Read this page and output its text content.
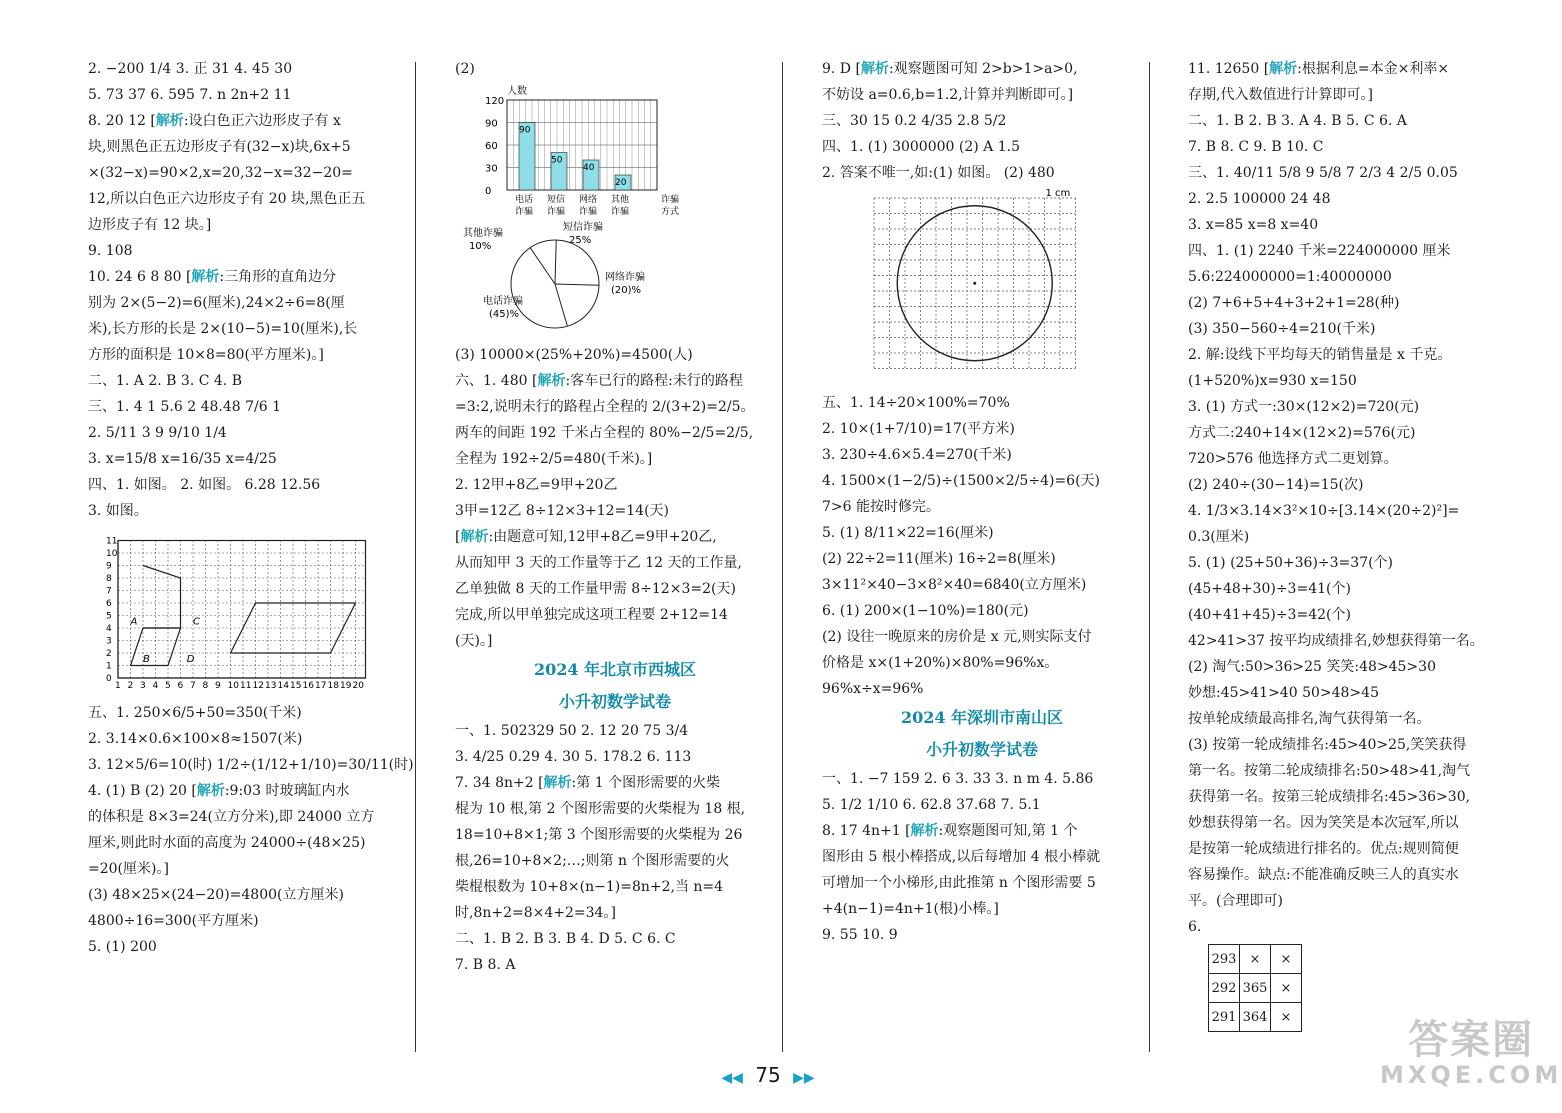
2. −200 1/4 3. 正 31 4. 45 30

5. 73 37 6. 595 7. n 2n+2 11

8. 20 12 [解析:设白色正六边形皮子有 x

块,则黑色正五边形皮子有(32−x)块,6x+5

×(32−x)=90×2,x=20,32−x=32−20=

12,所以白色正六边形皮子有 20 块,黑色正五

边形皮子有 12 块。]

9. 108

10. 24 6 8 80 [解析:三角形的直角边分

别为 2×(5−2)=6(厘米),24×2÷6=8(厘

米),长方形的长是 2×(10−5)=10(厘米),长

方形的面积是 10×8=80(平方厘米)。]

二、1. A 2. B 3. C 4. B

三、1. 4 1 5.6 2 48.48 7/6 1

2. 5/11 3 9 9/10 1/4

3. x=15/8 x=16/35 x=4/25

四、1. 如图。 2. 如图。 6.28 12.56

3. 如图。

1 2 3 4 5 6 7 8 9 10 11 12 13 14 15 16 17 18 19 20
0
1
2
3
4
5
6
7
8
9
10
11
A
B
C
D

五、1. 250×6/5+50=350(千米)

2. 3.14×0.6×100×8≈1507(米)

3. 12×5/6=10(时) 1/2÷(1/12+1/10)=30/11(时)

4. (1) B (2) 20 [解析:9:03 时玻璃缸内水

的体积是 8×3=24(立方分米),即 24000 立方

厘米,则此时水面的高度为 24000÷(48×25)

=20(厘米)。]

(3) 48×25×(24−20)=4800(立方厘米)

4800÷16=300(平方厘米)

5. (1) 200

(2)

人数
0
30
60
90
120
90
电话
诈骗
50
短信
诈骗
40
网络
诈骗
20
其他
诈骗
诈骗
方式

其他诈骗
10%
短信诈骗
25%
网络诈骗
(20)%
电话诈骗
(45)%

(3) 10000×(25%+20%)=4500(人)

六、1. 480 [解析:客车已行的路程:未行的路程

=3:2,说明未行的路程占全程的 2/(3+2)=2/5。

两车的间距 192 千米占全程的 80%−2/5=2/5,

全程为 192÷2/5=480(千米)。]

2. 12甲+8乙=9甲+20乙

3甲=12乙 8÷12×3+12=14(天)

[解析:由题意可知,12甲+8乙=9甲+20乙,

从而知甲 3 天的工作量等于乙 12 天的工作量,

乙单独做 8 天的工作量甲需 8÷12×3=2(天)

完成,所以甲单独完成这项工程要 2+12=14

(天)。]

2024 年北京市西城区
小升初数学试卷

一、1. 502329 50 2. 12 20 75 3/4

3. 4/25 0.29 4. 30 5. 178.2 6. 113

7. 34 8n+2 [解析:第 1 个图形需要的火柴

棍为 10 根,第 2 个图形需要的火柴棍为 18 根,

18=10+8×1;第 3 个图形需要的火柴棍为 26

根,26=10+8×2;…;则第 n 个图形需要的火

柴棍根数为 10+8×(n−1)=8n+2,当 n=4

时,8n+2=8×4+2=34。]

二、1. B 2. B 3. B 4. D 5. C 6. C

7. B 8. A

9. D [解析:观察题图可知 2>b>1>a>0,

不妨设 a=0.6,b=1.2,计算并判断即可。]

三、30 15 0.2 4/35 2.8 5/2

四、1. (1) 3000000 (2) A 1.5

2. 答案不唯一,如:(1) 如图。 (2) 480

1 cm

五、1. 14÷20×100%=70%

2. 10×(1+7/10)=17(平方米)

3. 230÷4.6×5.4=270(千米)

4. 1500×(1−2/5)÷(1500×2/5÷4)=6(天)

7>6 能按时修完。

5. (1) 8/11×22=16(厘米)

(2) 22÷2=11(厘米) 16÷2=8(厘米)

3×11²×40−3×8²×40=6840(立方厘米)

6. (1) 200×(1−10%)=180(元)

(2) 设往一晚原来的房价是 x 元,则实际支付

价格是 x×(1+20%)×80%=96%x。

96%x÷x=96%

2024 年深圳市南山区
小升初数学试卷

一、1. −7 159 2. 6 3. 33 3. n m 4. 5.86

5. 1/2 1/10 6. 62.8 37.68 7. 5.1

8. 17 4n+1 [解析:观察题图可知,第 1 个

图形由 5 根小棒搭成,以后每增加 4 根小棒就

可增加一个小梯形,由此推第 n 个图形需要 5

+4(n−1)=4n+1(根)小棒。]

9. 55 10. 9

11. 12650 [解析:根据利息=本金×利率×

存期,代入数值进行计算即可。]

二、1. B 2. B 3. A 4. B 5. C 6. A

7. B 8. C 9. B 10. C

三、1. 40/11 5/8 9 5/8 7 2/3 4 2/5 0.05

2. 2.5 100000 24 48

3. x=85 x=8 x=40

四、1. (1) 2240 千米=224000000 厘米

5.6:224000000=1:40000000

(2) 7+6+5+4+3+2+1=28(种)

(3) 350−560÷4=210(千米)

2. 解:设线下平均每天的销售量是 x 千克。

(1+520%)x=930 x=150

3. (1) 方式一:30×(12×2)=720(元)

方式二:240+14×(12×2)=576(元)

720>576 他选择方式二更划算。

(2) 240÷(30−14)=15(次)

4. 1/3×3.14×3²×10÷[3.14×(20÷2)²]=

0.3(厘米)

5. (1) (25+50+36)÷3=37(个)

(45+48+30)÷3=41(个)

(40+41+45)÷3=42(个)

42>41>37 按平均成绩排名,妙想获得第一名。

(2) 淘气:50>36>25 笑笑:48>45>30

妙想:45>41>40 50>48>45

按单轮成绩最高排名,淘气获得第一名。

(3) 按第一轮成绩排名:45>40>25,笑笑获得

第一名。按第二轮成绩排名:50>48>41,淘气

获得第一名。按第三轮成绩排名:45>36>30,

妙想获得第一名。因为笑笑是本次冠军,所以

是按第一轮成绩进行排名的。优点:规则简便

容易操作。缺点:不能准确反映三人的真实水

平。(合理即可)

6.

293	×	×
292	365	×
291	364	×
◀◀ 75 ▶▶
答案圈
MXQE.COM
